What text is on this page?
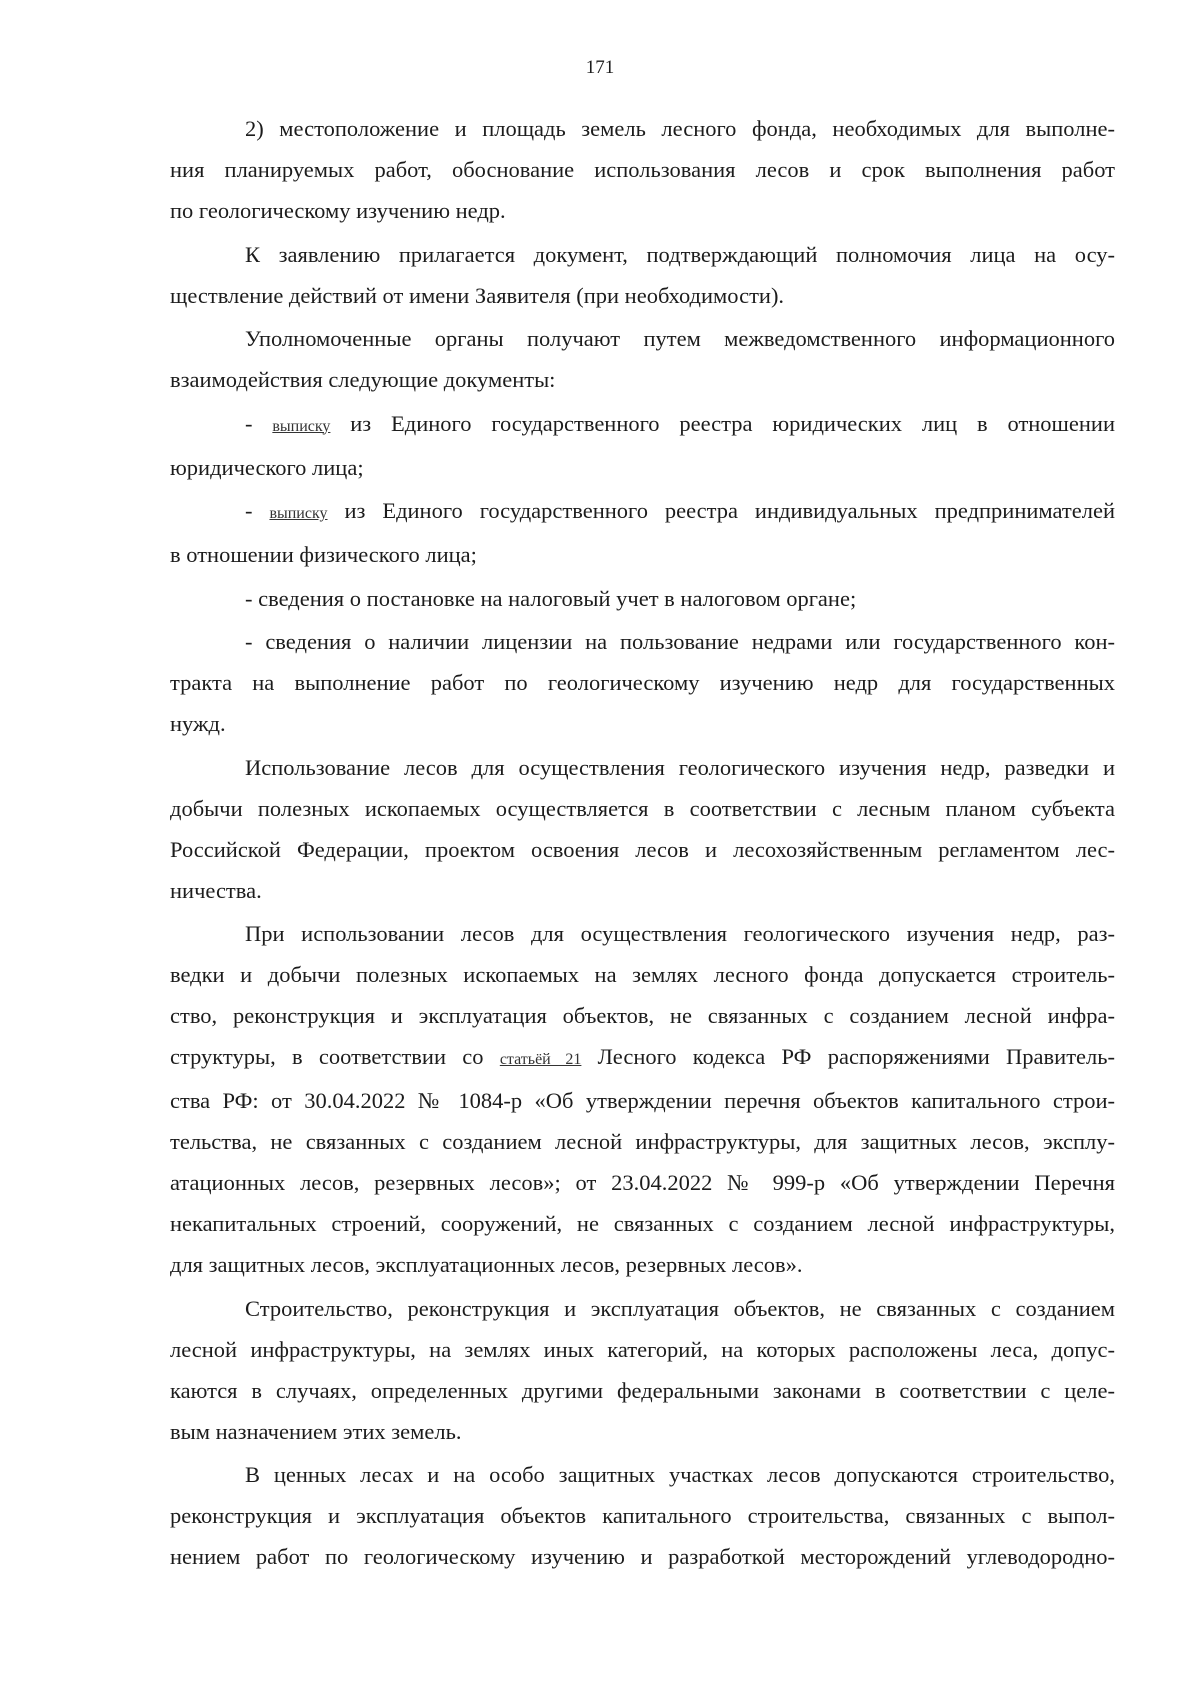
171
2) местоположение и площадь земель лесного фонда, необходимых для выполне-
ния планируемых работ, обоснование использования лесов и срок выполнения работ
по геологическому изучению недр.
К заявлению прилагается документ, подтверждающий полномочия лица на осу-
ществление действий от имени Заявителя (при необходимости).
Уполномоченные органы получают путем межведомственного информационного
взаимодействия следующие документы:
- выписку из Единого государственного реестра юридических лиц в отношении
юридического лица;
- выписку из Единого государственного реестра индивидуальных предпринимателей
в отношении физического лица;
- сведения о постановке на налоговый учет в налоговом органе;
- сведения о наличии лицензии на пользование недрами или государственного кон-
тракта на выполнение работ по геологическому изучению недр для государственных
нужд.
Использование лесов для осуществления геологического изучения недр, разведки и
добычи полезных ископаемых осуществляется в соответствии с лесным планом субъекта
Российской Федерации, проектом освоения лесов и лесохозяйственным регламентом лес-
ничества.
При использовании лесов для осуществления геологического изучения недр, раз-
ведки и добычи полезных ископаемых на землях лесного фонда допускается строитель-
ство, реконструкция и эксплуатация объектов, не связанных с созданием лесной инфра-
структуры, в соответствии со статьёй 21 Лесного кодекса РФ распоряжениями Правитель-
ства РФ: от 30.04.2022 № 1084-р «Об утверждении перечня объектов капитального строи-
тельства, не связанных с созданием лесной инфраструктуры, для защитных лесов, эксплу-
атационных лесов, резервных лесов»; от 23.04.2022 № 999-р «Об утверждении Перечня
некапитальных строений, сооружений, не связанных с созданием лесной инфраструктуры,
для защитных лесов, эксплуатационных лесов, резервных лесов».
Строительство, реконструкция и эксплуатация объектов, не связанных с созданием
лесной инфраструктуры, на землях иных категорий, на которых расположены леса, допус-
каются в случаях, определенных другими федеральными законами в соответствии с целе-
вым назначением этих земель.
В ценных лесах и на особо защитных участках лесов допускаются строительство,
реконструкция и эксплуатация объектов капитального строительства, связанных с выпол-
нением работ по геологическому изучению и разработкой месторождений углеводородно-
